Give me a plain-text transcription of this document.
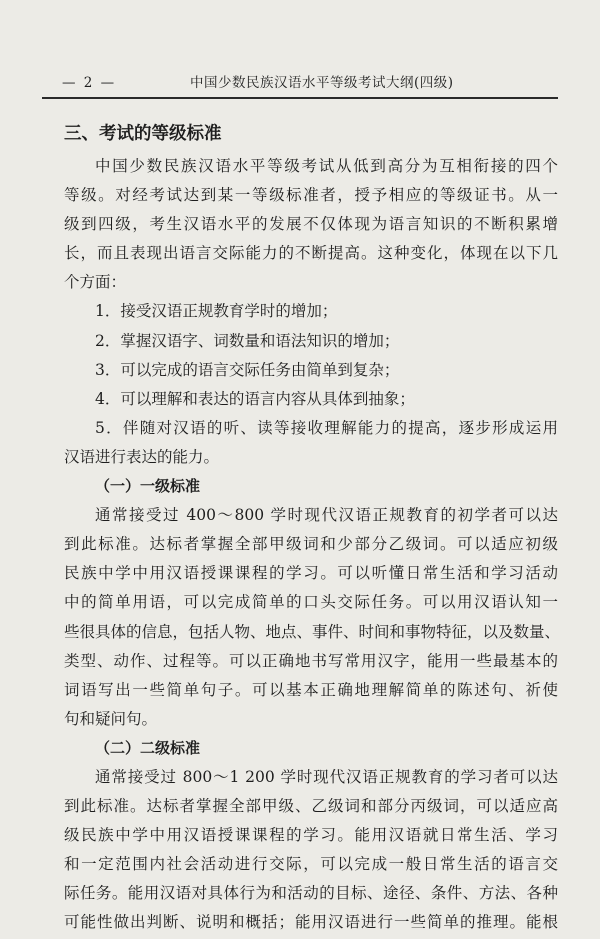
— 2 —	中国少数民族汉语水平等级考试大纲(四级)
三、考试的等级标准
中国少数民族汉语水平等级考试从低到高分为互相衔接的四个
等级。对经考试达到某一等级标准者，授予相应的等级证书。从一
级到四级，考生汉语水平的发展不仅体现为语言知识的不断积累增
长，而且表现出语言交际能力的不断提高。这种变化，体现在以下几
个方面：
1．接受汉语正规教育学时的增加；
2．掌握汉语字、词数量和语法知识的增加；
3．可以完成的语言交际任务由简单到复杂；
4．可以理解和表达的语言内容从具体到抽象；
5．伴随对汉语的听、读等接收理解能力的提高，逐步形成运用
汉语进行表达的能力。
（一）一级标准
通常接受过 400～800 学时现代汉语正规教育的初学者可以达
到此标准。达标者掌握全部甲级词和少部分乙级词。可以适应初级
民族中学中用汉语授课课程的学习。可以听懂日常生活和学习活动
中的简单用语，可以完成简单的口头交际任务。可以用汉语认知一
些很具体的信息，包括人物、地点、事件、时间和事物特征，以及数量、
类型、动作、过程等。可以正确地书写常用汉字，能用一些最基本的
词语写出一些简单句子。可以基本正确地理解简单的陈述句、祈使
句和疑问句。
（二）二级标准
通常接受过 800～1 200 学时现代汉语正规教育的学习者可以达
到此标准。达标者掌握全部甲级、乙级词和部分丙级词，可以适应高
级民族中学中用汉语授课课程的学习。能用汉语就日常生活、学习
和一定范围内社会活动进行交际，可以完成一般日常生活的语言交
际任务。能用汉语对具体行为和活动的目标、途径、条件、方法、各种
可能性做出判断、说明和概括；能用汉语进行一些简单的推理。能根
